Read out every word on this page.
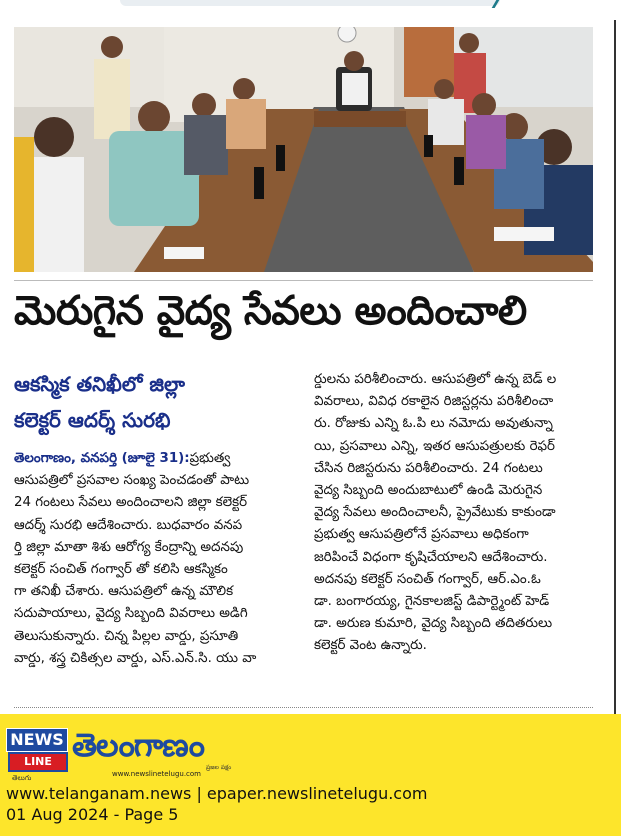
మెరుగైన వైద్య సేవలు అందించాలి
ఆకస్మిక తనిఖీలో జిల్లా
కలెక్టర్ ఆదర్శ్ సురభి
తెలంగాణం, వనపర్తి (జూలై 31):ప్రభుత్వ
ఆసుపత్రిలో ప్రసవాల సంఖ్య పెంచడంతో పాటు
24 గంటలు సేవలు అందించాలని జిల్లా కలెక్టర్
ఆదర్శ్ సురభి ఆదేశించారు. బుధవారం వనప
ర్తి జిల్లా మాతా శిశు ఆరోగ్య కేంద్రాన్ని అదనపు
కలెక్టర్ సంచిత్ గంగ్వార్ తో కలిసి ఆకస్మికం
గా తనిఖీ చేశారు. ఆసుపత్రిలో ఉన్న మౌలిక
సదుపాయాలు, వైద్య సిబ్బంది వివరాలు అడిగి
తెలుసుకున్నారు. చిన్న పిల్లల వార్డు, ప్రసూతి
వార్డు, శస్త్ర చికిత్సల వార్డు, ఎస్.ఎన్.సి. యు వా
ర్డులను పరిశీలించారు. ఆసుపత్రిలో ఉన్న బెడ్ ల
వివరాలు, వివిధ రకాలైన రిజిస్టర్లను పరిశీలించా
రు. రోజుకు ఎన్ని ఓ.పి లు నమోదు అవుతున్నా
యి, ప్రసవాలు ఎన్ని, ఇతర ఆసుపత్రులకు రెఫర్
చేసిన రిజిస్టరును పరిశీలించారు. 24 గంటలు
వైద్య సిబ్బంది అందుబాటులో ఉండి మెరుగైన
వైద్య సేవలు అందించాలనీ, ప్రైవేటుకు కాకుండా
ప్రభుత్వ ఆసుపత్రిలోనే ప్రసవాలు అధికంగా
జరిపించే విధంగా కృషిచేయాలని ఆదేశించారు.
అదనపు కలెక్టర్ సంచిత్ గంగ్వార్, ఆర్.ఎం.ఓ
డా. బంగారయ్య, గైనకాలజిస్ట్ డిపార్ట్మెంట్ హెడ్
డా. అరుణ కుమారి, వైద్య సిబ్బంది తదితరులు
కలెక్టర్ వెంట ఉన్నారు.
NEWS
LINE
తెలుగు
తెలంగాణం
ప్రజల పక్షం
www.newslinetelugu.com
www.telanganam.news | epaper.newslinetelugu.com
01 Aug 2024 - Page 5
